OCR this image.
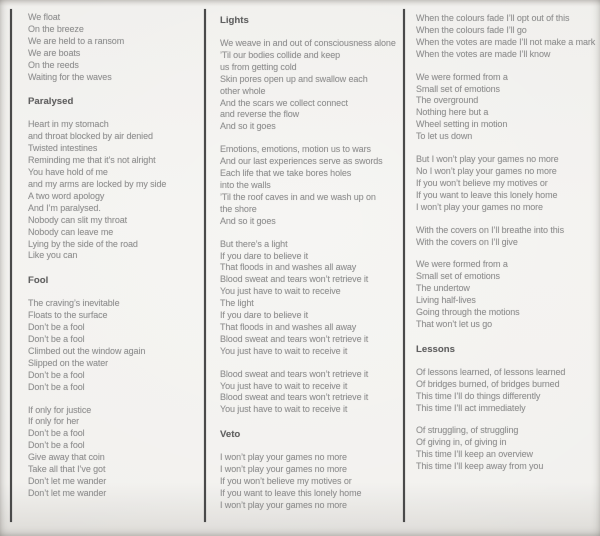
We float
On the breeze
We are held to a ransom
We are boats
On the reeds
Waiting for the waves
Paralysed
Heart in my stomach
and throat blocked by air denied
Twisted intestines
Reminding me that it’s not alright
You have hold of me
and my arms are locked by my side
A two word apology
And I’m paralysed.
Nobody can slit my throat
Nobody can leave me
Lying by the side of the road
Like you can
Fool
The craving’s inevitable
Floats to the surface
Don’t be a fool
Don’t be a fool
Climbed out the window again
Slipped on the water
Don’t be a fool
Don’t be a fool
If only for justice
If only for her
Don’t be a fool
Don’t be a fool
Give away that coin
Take all that I’ve got
Don’t let me wander
Don’t let me wander
Lights
We weave in and out of consciousness alone
’Til our bodies collide and keep
us from getting cold
Skin pores open up and swallow each
other whole
And the scars we collect connect
and reverse the flow
And so it goes
Emotions, emotions, motion us to wars
And our last experiences serve as swords
Each life that we take bores holes
into the walls
’Til the roof caves in and we wash up on
the shore
And so it goes
But there’s a light
If you dare to believe it
That floods in and washes all away
Blood sweat and tears won’t retrieve it
You just have to wait to receive
The light
If you dare to believe it
That floods in and washes all away
Blood sweat and tears won’t retrieve it
You just have to wait to receive it
Blood sweat and tears won’t retrieve it
You just have to wait to receive it
Blood sweat and tears won’t retrieve it
You just have to wait to receive it
Veto
I won’t play your games no more
I won’t play your games no more
If you won’t believe my motives or
If you want to leave this lonely home
I won’t play your games no more
When the colours fade I’ll opt out of this
When the colours fade I’ll go
When the votes are made I’ll not make a mark
When the votes are made I’ll know
We were formed from a
Small set of emotions
The overground
Nothing here but a
Wheel setting in motion
To let us down
But I won’t play your games no more
No I won’t play your games no more
If you won’t believe my motives or
If you want to leave this lonely home
I won’t play your games no more
With the covers on I’ll breathe into this
With the covers on I’ll give
We were formed from a
Small set of emotions
The undertow
Living half-lives
Going through the motions
That won’t let us go
Lessons
Of lessons learned, of lessons learned
Of bridges burned, of bridges burned
This time I’ll do things differently
This time I’ll act immediately
Of struggling, of struggling
Of giving in, of giving in
This time I’ll keep an overview
This time I’ll keep away from you
